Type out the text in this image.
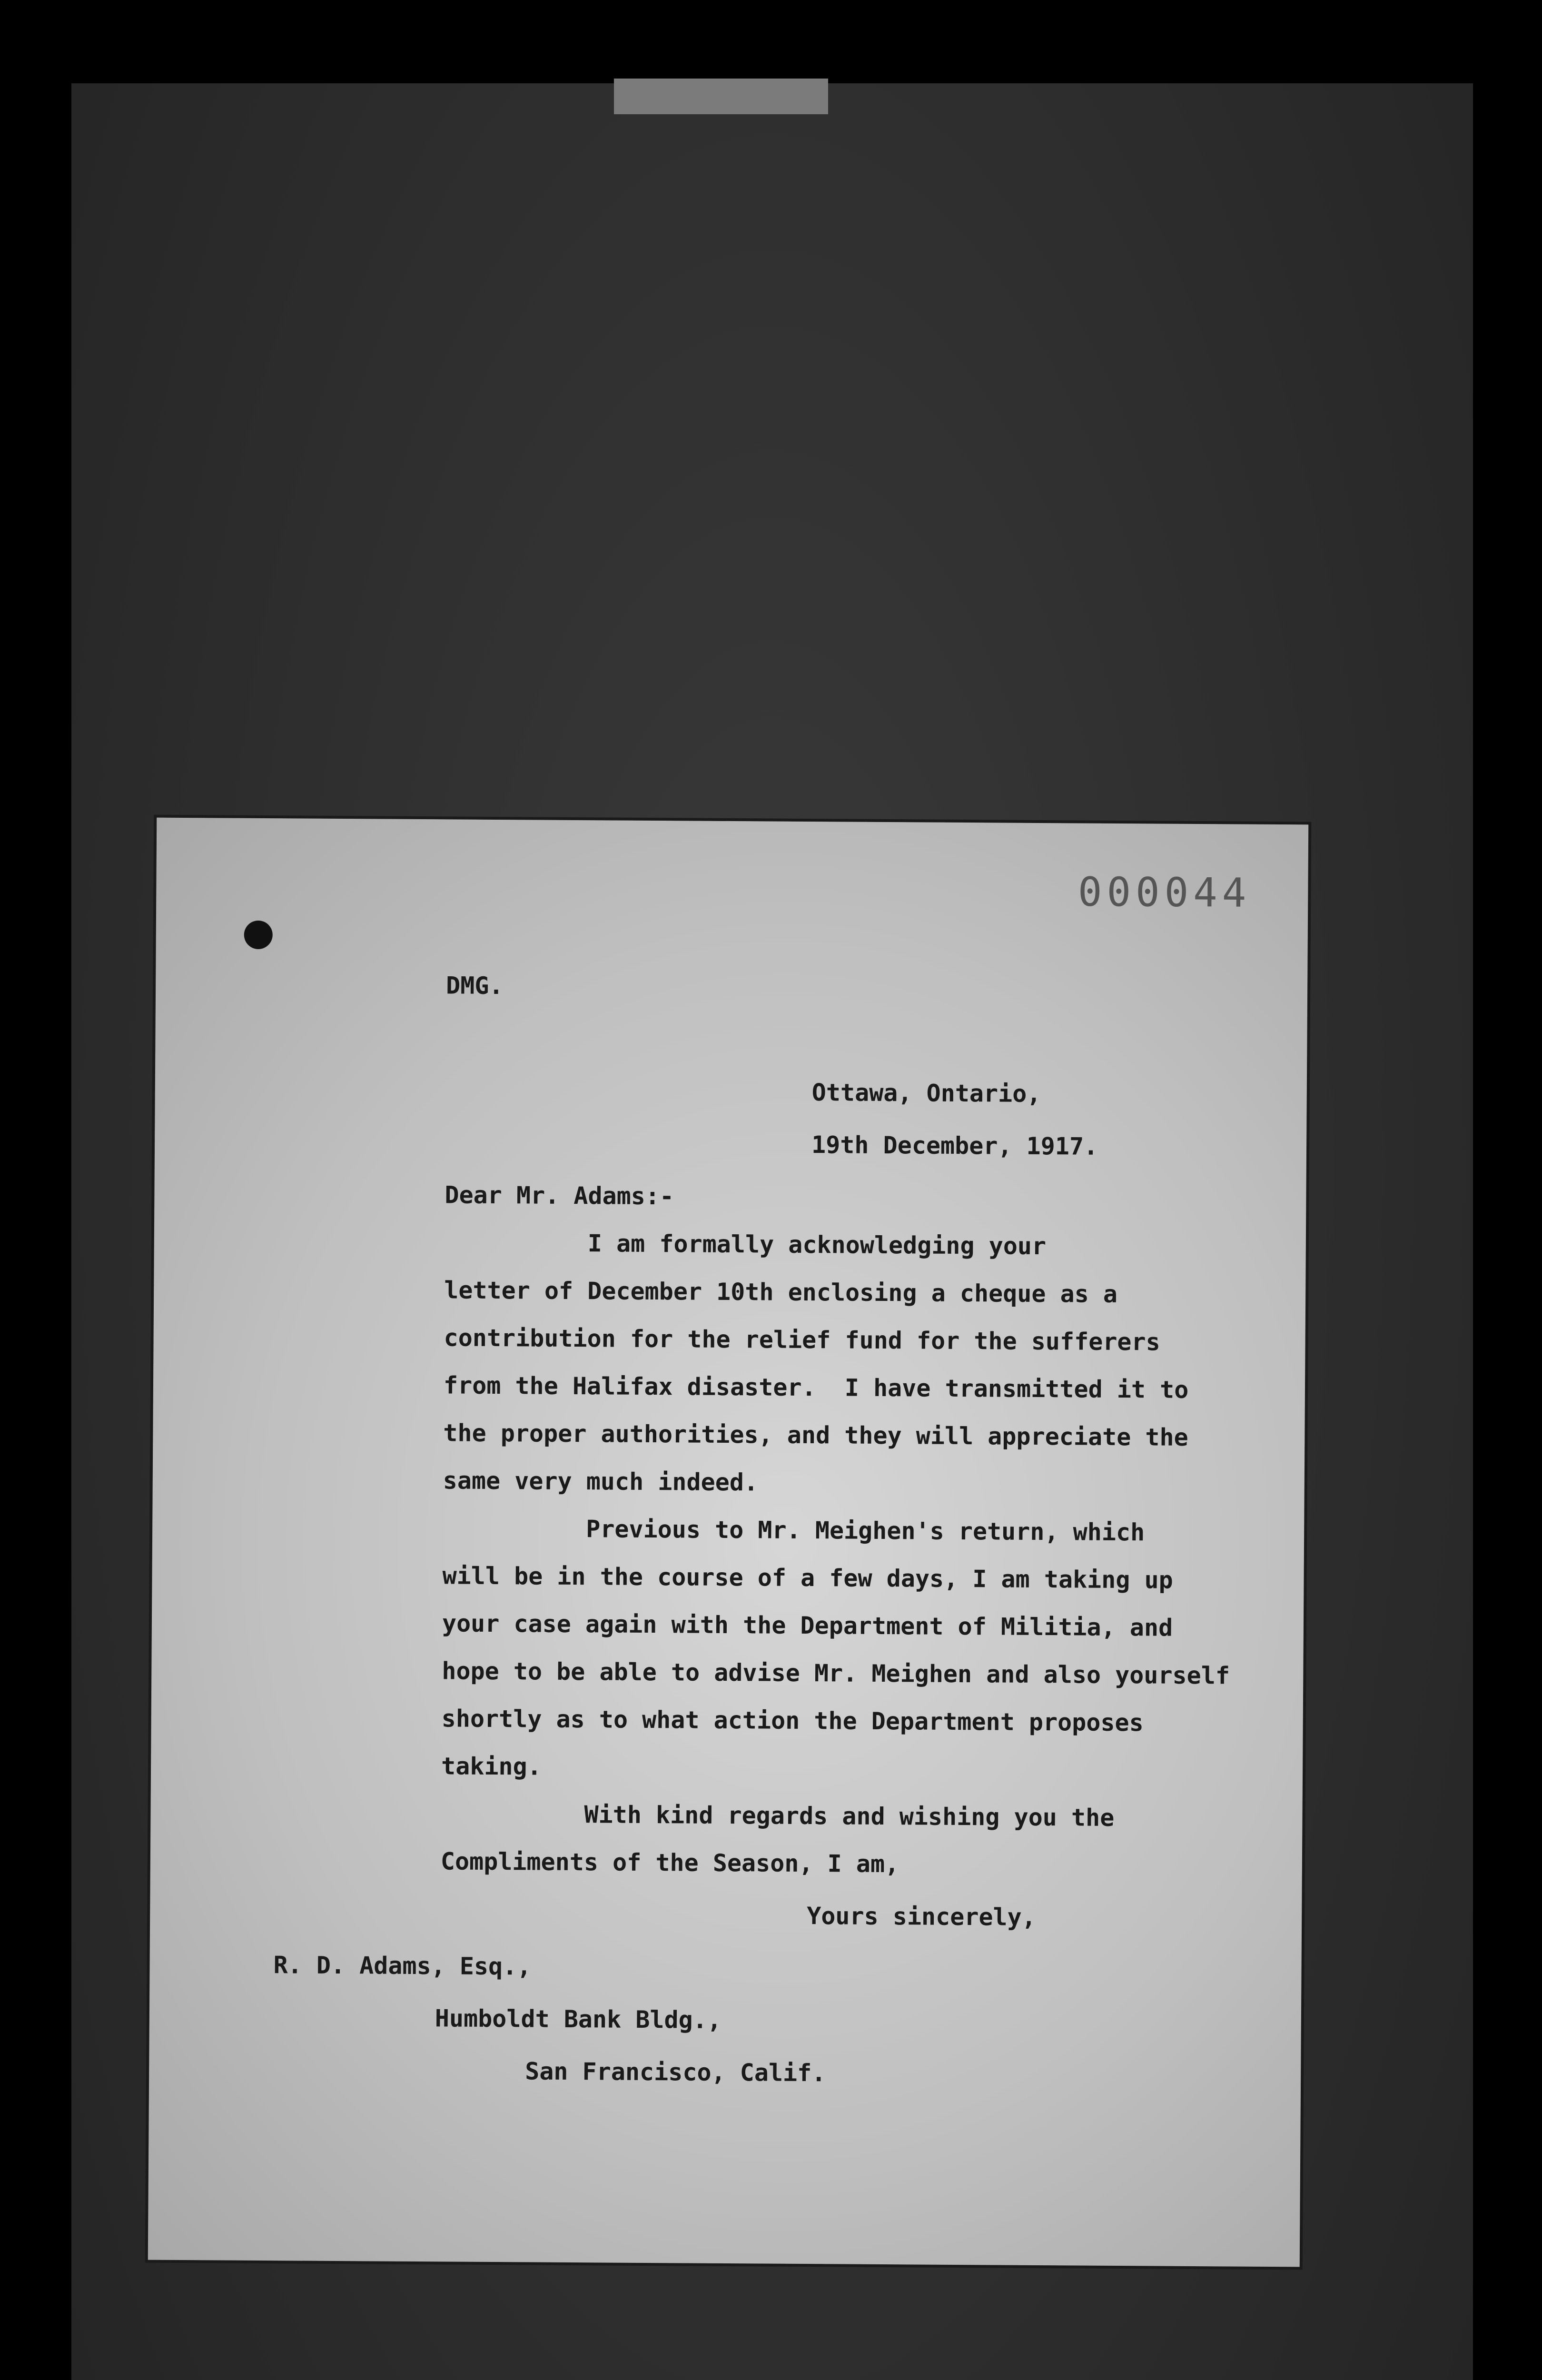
000044
DMG.
Ottawa, Ontario,
19th December, 1917.
Dear Mr. Adams:-
I am formally acknowledging your
letter of December 10th enclosing a cheque as a
contribution for the relief fund for the sufferers
from the Halifax disaster.  I have transmitted it to
the proper authorities, and they will appreciate the
same very much indeed.
Previous to Mr. Meighen's return, which
will be in the course of a few days, I am taking up
your case again with the Department of Militia, and
hope to be able to advise Mr. Meighen and also yourself
shortly as to what action the Department proposes
taking.
With kind regards and wishing you the
Compliments of the Season, I am,
Yours sincerely,
R. D. Adams, Esq.,
Humboldt Bank Bldg.,
San Francisco, Calif.
